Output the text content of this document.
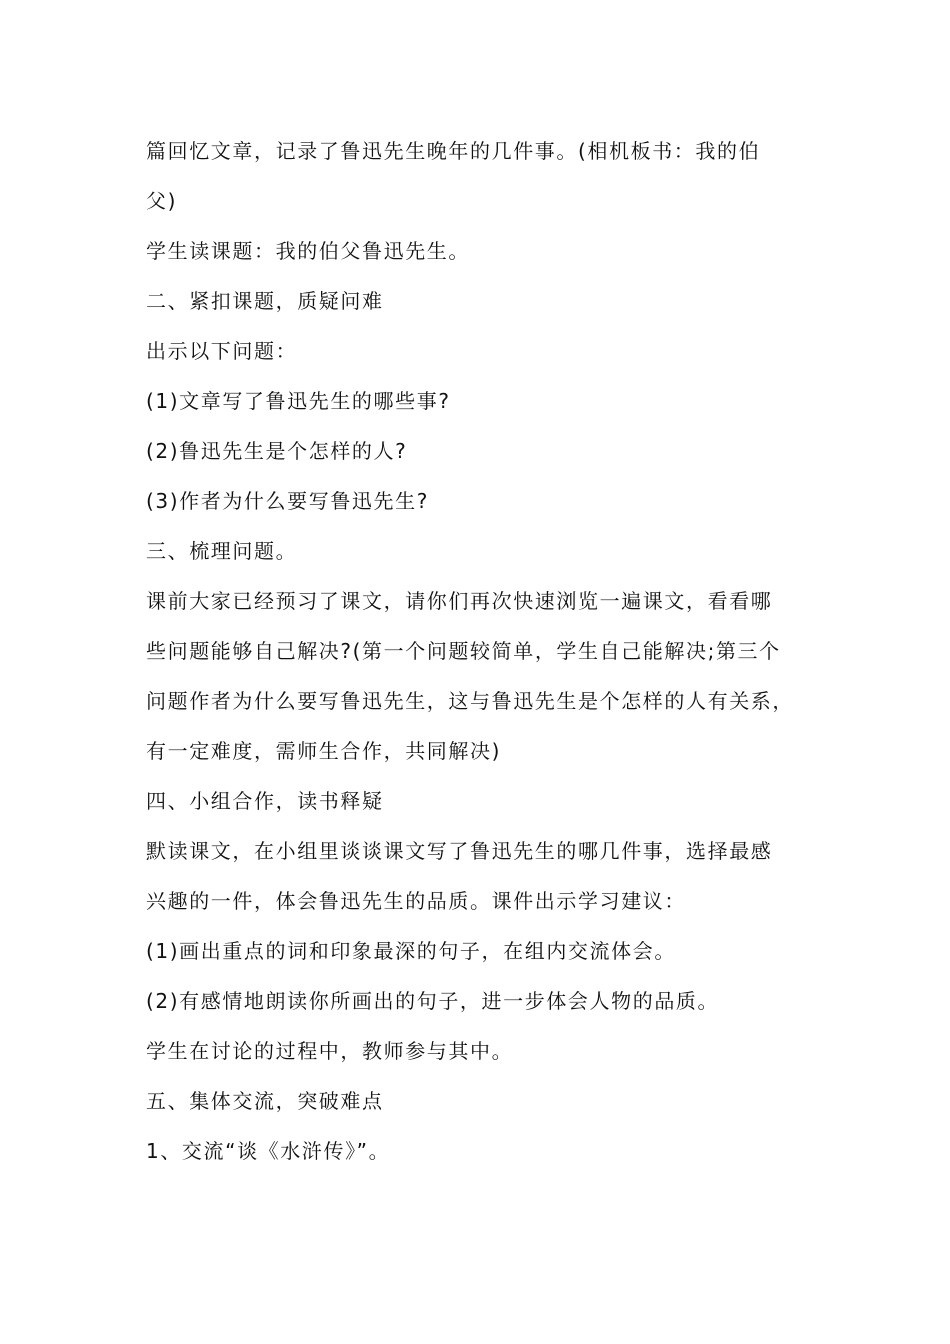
篇回忆文章，记录了鲁迅先生晚年的几件事。(相机板书：我的伯
父)
学生读课题：我的伯父鲁迅先生。
二、紧扣课题，质疑问难
出示以下问题：
(1)文章写了鲁迅先生的哪些事?
(2)鲁迅先生是个怎样的人?
(3)作者为什么要写鲁迅先生?
三、梳理问题。
课前大家已经预习了课文，请你们再次快速浏览一遍课文，看看哪
些问题能够自己解决?(第一个问题较简单，学生自己能解决;第三个
问题作者为什么要写鲁迅先生，这与鲁迅先生是个怎样的人有关系，
有一定难度，需师生合作，共同解决)
四、小组合作，读书释疑
默读课文，在小组里谈谈课文写了鲁迅先生的哪几件事，选择最感
兴趣的一件，体会鲁迅先生的品质。课件出示学习建议：
(1)画出重点的词和印象最深的句子，在组内交流体会。
(2)有感情地朗读你所画出的句子，进一步体会人物的品质。
学生在讨论的过程中，教师参与其中。
五、集体交流，突破难点
1、交流“谈《水浒传》”。
